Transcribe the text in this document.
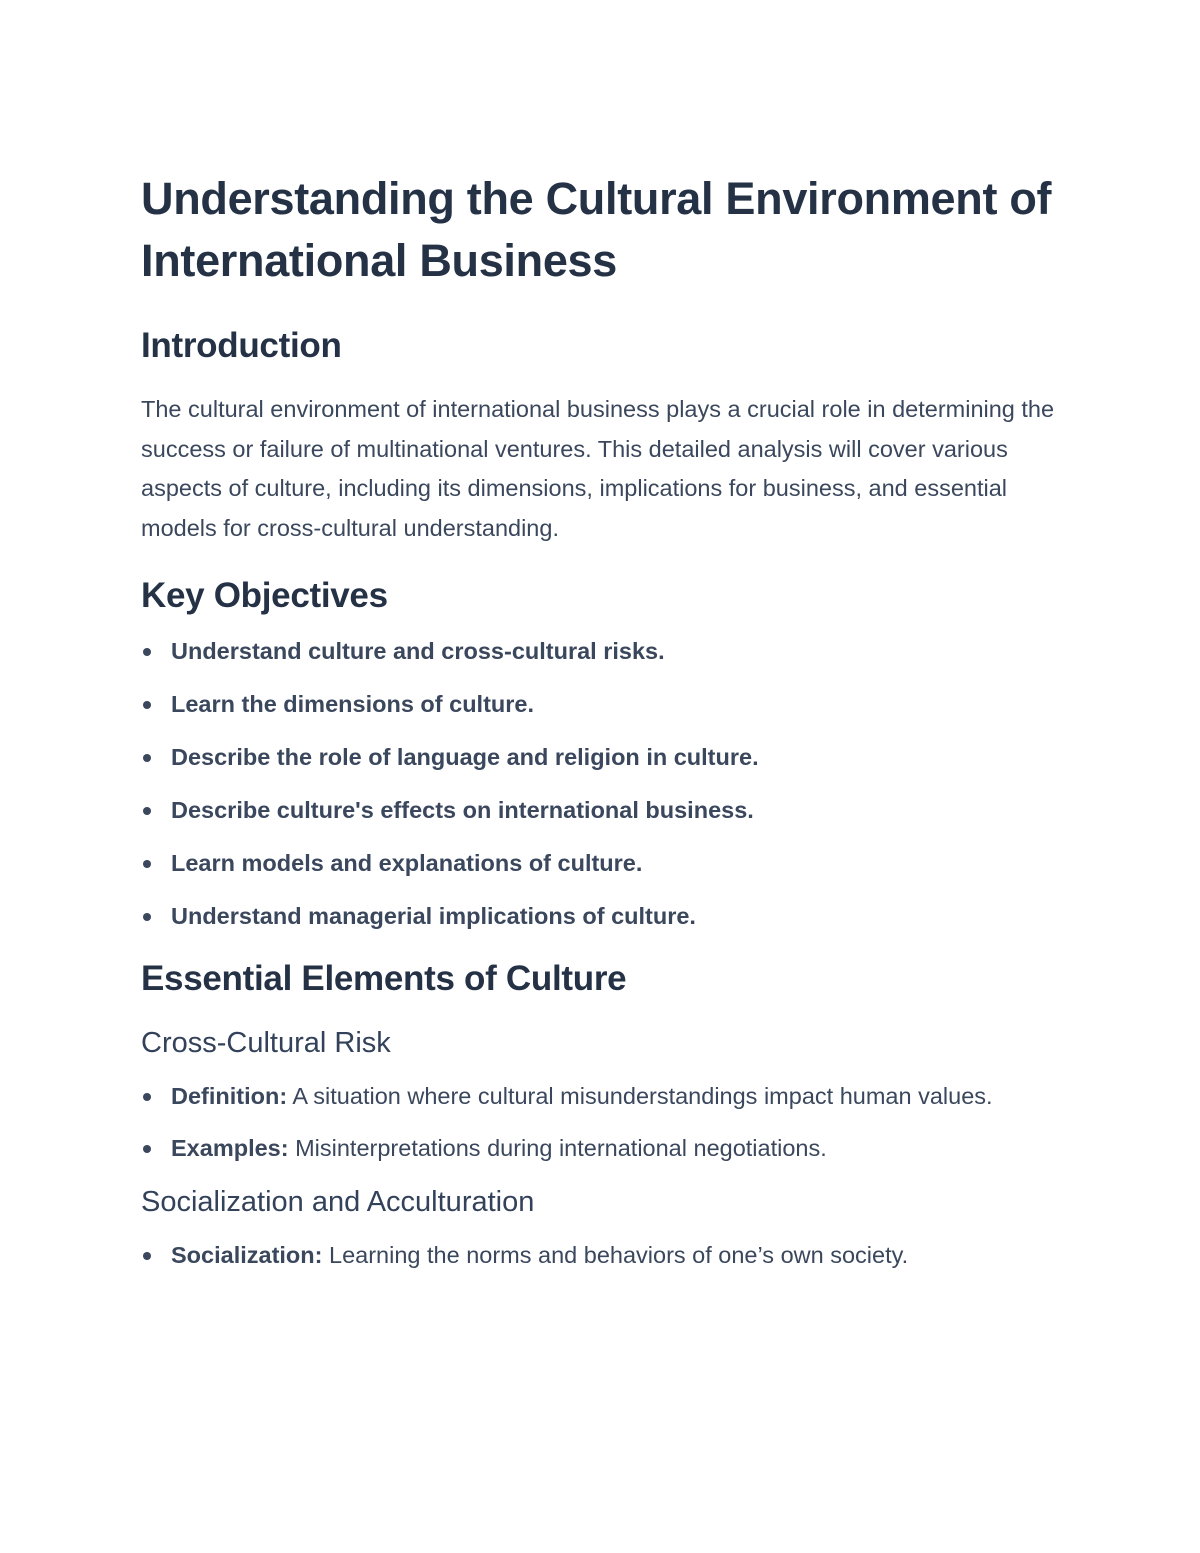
Understanding the Cultural Environment of International Business
Introduction

The cultural environment of international business plays a crucial role in determining the success or failure of multinational ventures. This detailed analysis will cover various aspects of culture, including its dimensions, implications for business, and essential models for cross-cultural understanding.

Key Objectives
Understand culture and cross-cultural risks.
Learn the dimensions of culture.
Describe the role of language and religion in culture.
Describe culture's effects on international business.
Learn models and explanations of culture.
Understand managerial implications of culture.
Essential Elements of Culture
Cross-Cultural Risk
Definition: A situation where cultural misunderstandings impact human values.
Examples: Misinterpretations during international negotiations.
Socialization and Acculturation
Socialization: Learning the norms and behaviors of one’s own society.
